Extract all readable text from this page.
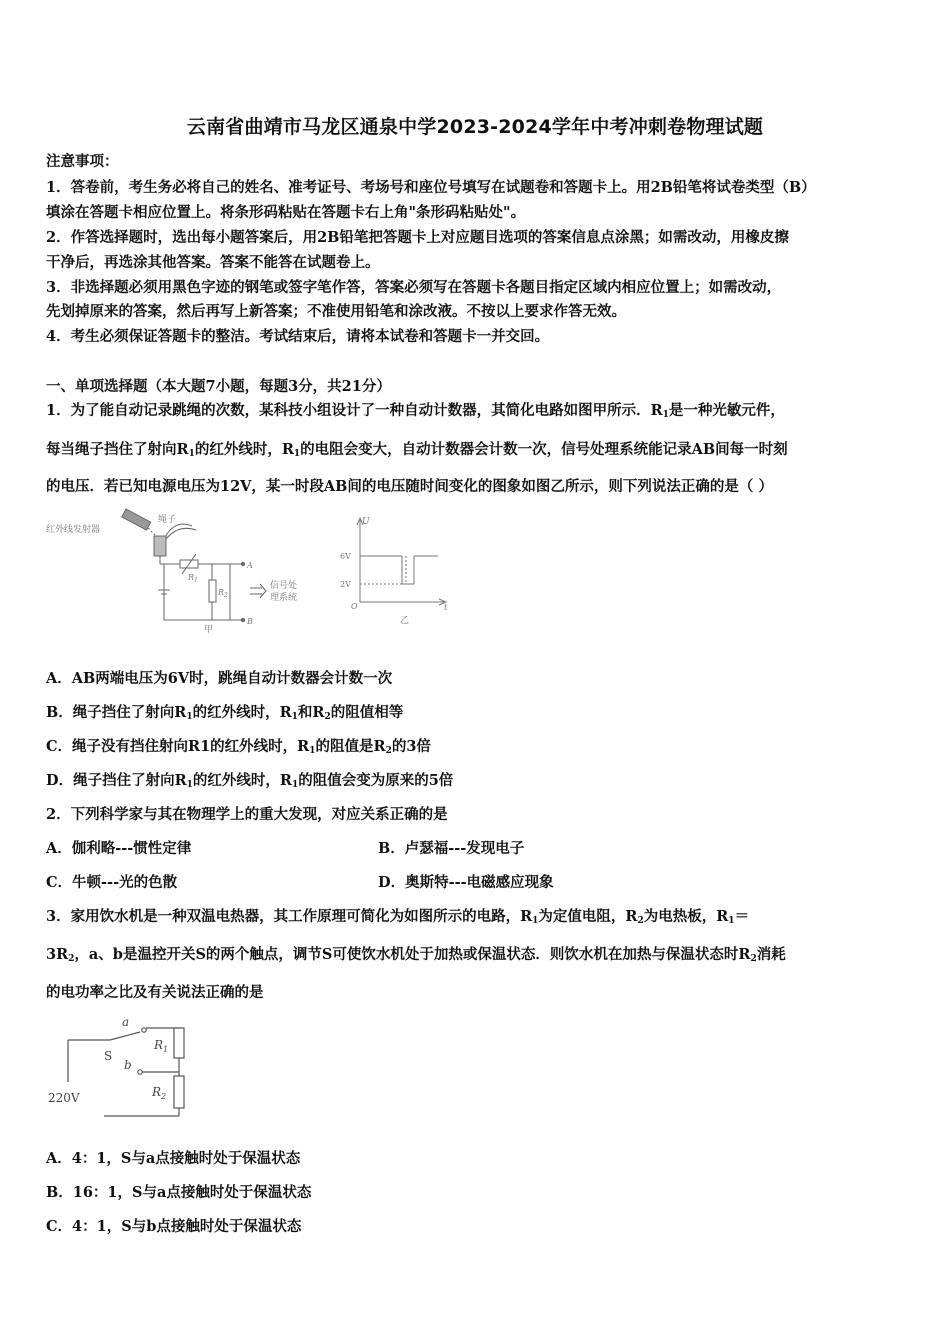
云南省曲靖市马龙区通泉中学2023-2024学年中考冲刺卷物理试题
注意事项：
1．答卷前，考生务必将自己的姓名、准考证号、考场号和座位号填写在试题卷和答题卡上。用2B铅笔将试卷类型（B）
填涂在答题卡相应位置上。将条形码粘贴在答题卡右上角"条形码粘贴处"。
2．作答选择题时，选出每小题答案后，用2B铅笔把答题卡上对应题目选项的答案信息点涂黑；如需改动，用橡皮擦
干净后，再选涂其他答案。答案不能答在试题卷上。
3．非选择题必须用黑色字迹的钢笔或签字笔作答，答案必须写在答题卡各题目指定区域内相应位置上；如需改动，
先划掉原来的答案，然后再写上新答案；不准使用铅笔和涂改液。不按以上要求作答无效。
4．考生必须保证答题卡的整洁。考试结束后，请将本试卷和答题卡一并交回。
一、单项选择题（本大题7小题，每题3分，共21分）
1．为了能自动记录跳绳的次数，某科技小组设计了一种自动计数器，其简化电路如图甲所示．$R_1$是一种光敏元件，
每当绳子挡住了射向$R_1$的红外线时，$R_1$的电阻会变大，自动计数器会计数一次，信号处理系统能记录AB间每一时刻
的电压．若已知电源电压为12V，某一时段AB间的电压随时间变化的图象如图乙所示，则下列说法正确的是（ ）
红外线发射器
绳子
$R_1$
$R_2$
A
B
信号处
理系统
甲
U
6V
2V
O	t
乙
A．AB两端电压为6V时，跳绳自动计数器会计数一次
B．绳子挡住了射向$R_1$的红外线时，$R_1$和$R_2$的阻值相等
C．绳子没有挡住射向R1的红外线时，$R_1$的阻值是$R_2$的3倍
D．绳子挡住了射向$R_1$的红外线时，$R_1$的阻值会变为原来的5倍
2．下列科学家与其在物理学上的重大发现，对应关系正确的是
A．伽利略---惯性定律	B．卢瑟福---发现电子
C．牛顿---光的色散	D．奥斯特---电磁感应现象
3．家用饮水机是一种双温电热器，其工作原理可简化为如图所示的电路，$R_1$为定值电阻，$R_2$为电热板，$R_1=$
$3R_2$，a、b是温控开关S的两个触点，调节S可使饮水机处于加热或保温状态．则饮水机在加热与保温状态时$R_2$消耗
的电功率之比及有关说法正确的是
a
b
S
$R_1$
$R_2$
220V
A．4：1，S与a点接触时处于保温状态
B．16：1，S与a点接触时处于保温状态
C．4：1，S与b点接触时处于保温状态
